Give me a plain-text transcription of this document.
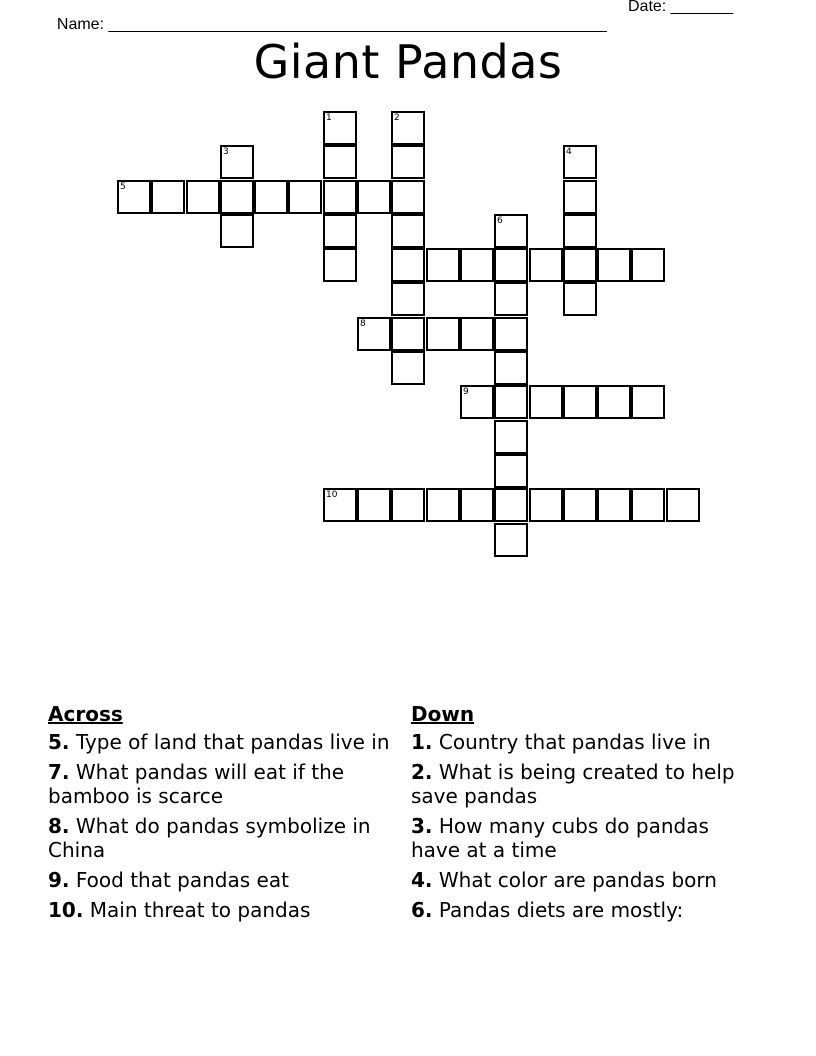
Name: ________________________________________________________

Date: _______

Giant Pandas
1	2
3	4
5
6
8
9
10
Across
5. Type of land that pandas live in
7. What pandas will eat if the bamboo is scarce
8. What do pandas symbolize in China
9. Food that pandas eat
10. Main threat to pandas
Down
1. Country that pandas live in
2. What is being created to help save pandas
3. How many cubs do pandas have at a time
4. What color are pandas born
6. Pandas diets are mostly:
